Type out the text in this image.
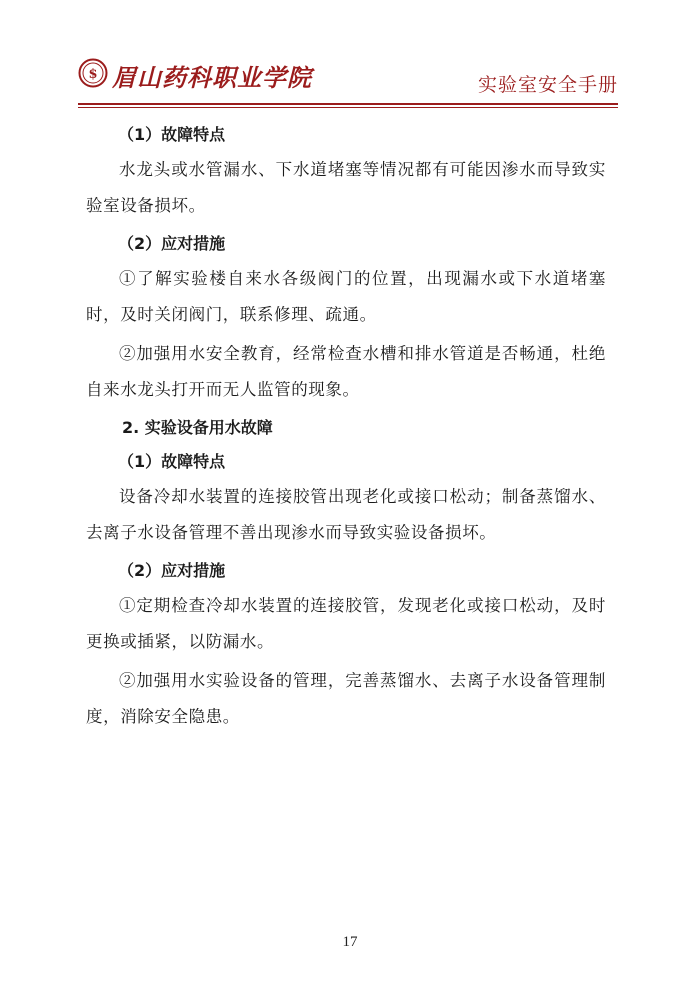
$ 眉山药科职业学院	实验室安全手册

（1）故障特点

水龙头或水管漏水、下水道堵塞等情况都有可能因渗水而导致实验室设备损坏。

（2）应对措施

①了解实验楼自来水各级阀门的位置，出现漏水或下水道堵塞时，及时关闭阀门，联系修理、疏通。

②加强用水安全教育，经常检查水槽和排水管道是否畅通，杜绝自来水龙头打开而无人监管的现象。

2. 实验设备用水故障

（1）故障特点

设备冷却水装置的连接胶管出现老化或接口松动；制备蒸馏水、去离子水设备管理不善出现渗水而导致实验设备损坏。

（2）应对措施

①定期检查冷却水装置的连接胶管，发现老化或接口松动，及时更换或插紧，以防漏水。

②加强用水实验设备的管理，完善蒸馏水、去离子水设备管理制度，消除安全隐患。

17
